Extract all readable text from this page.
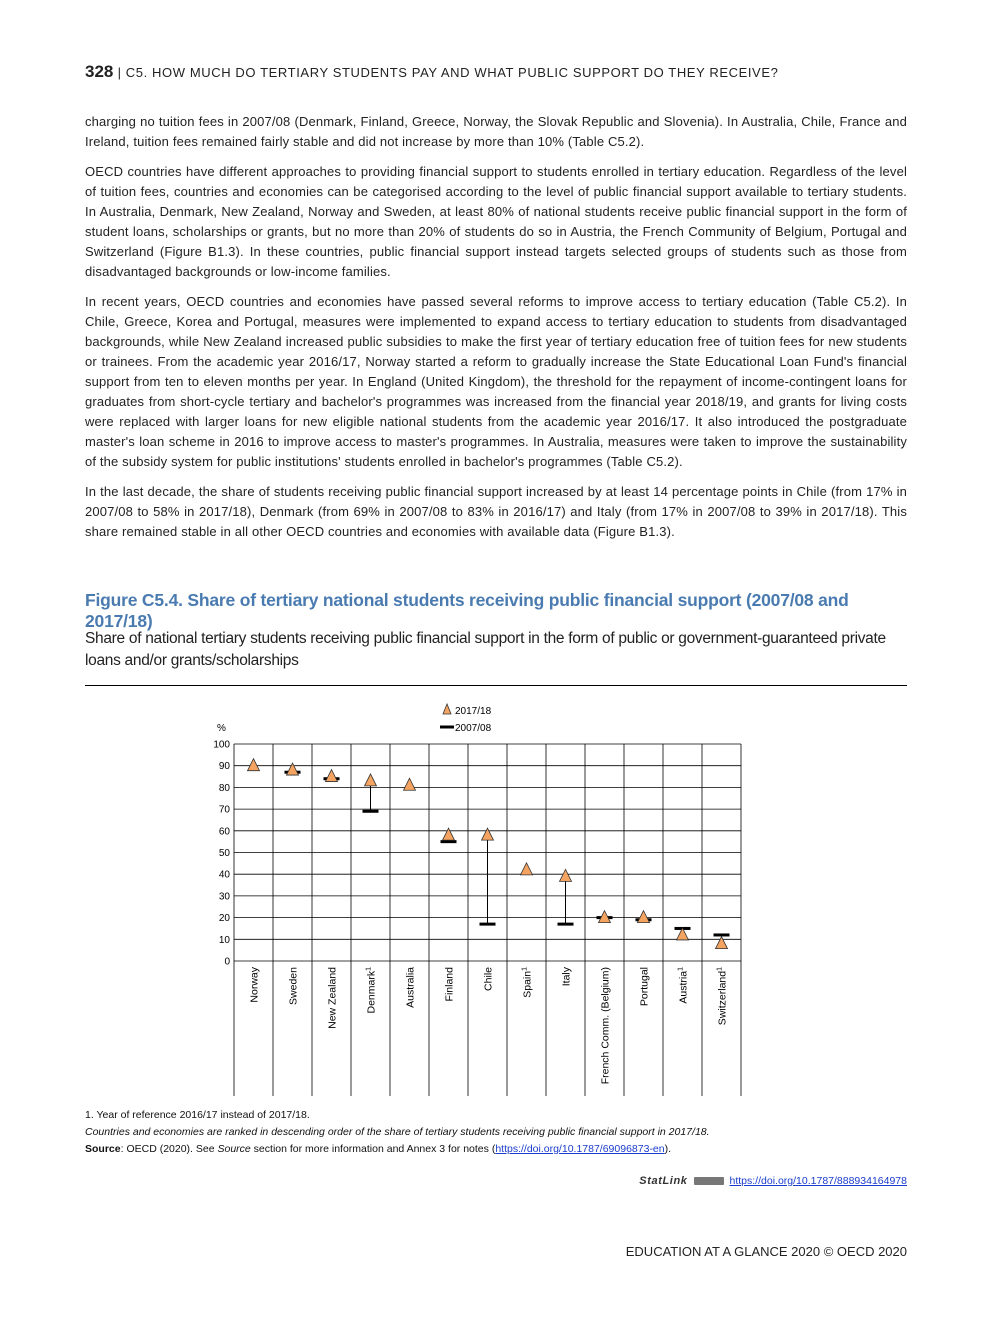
328 | C5. HOW MUCH DO TERTIARY STUDENTS PAY AND WHAT PUBLIC SUPPORT DO THEY RECEIVE?

charging no tuition fees in 2007/08 (Denmark, Finland, Greece, Norway, the Slovak Republic and Slovenia). In Australia, Chile, France and Ireland, tuition fees remained fairly stable and did not increase by more than 10% (Table C5.2).

OECD countries have different approaches to providing financial support to students enrolled in tertiary education. Regardless of the level of tuition fees, countries and economies can be categorised according to the level of public financial support available to tertiary students. In Australia, Denmark, New Zealand, Norway and Sweden, at least 80% of national students receive public financial support in the form of student loans, scholarships or grants, but no more than 20% of students do so in Austria, the French Community of Belgium, Portugal and Switzerland (Figure B1.3). In these countries, public financial support instead targets selected groups of students such as those from disadvantaged backgrounds or low-income families.

In recent years, OECD countries and economies have passed several reforms to improve access to tertiary education (Table C5.2). In Chile, Greece, Korea and Portugal, measures were implemented to expand access to tertiary education to students from disadvantaged backgrounds, while New Zealand increased public subsidies to make the first year of tertiary education free of tuition fees for new students or trainees. From the academic year 2016/17, Norway started a reform to gradually increase the State Educational Loan Fund's financial support from ten to eleven months per year. In England (United Kingdom), the threshold for the repayment of income-contingent loans for graduates from short-cycle tertiary and bachelor's programmes was increased from the financial year 2018/19, and grants for living costs were replaced with larger loans for new eligible national students from the academic year 2016/17. It also introduced the postgraduate master's loan scheme in 2016 to improve access to master's programmes. In Australia, measures were taken to improve the sustainability of the subsidy system for public institutions' students enrolled in bachelor's programmes (Table C5.2).

In the last decade, the share of students receiving public financial support increased by at least 14 percentage points in Chile (from 17% in 2007/08 to 58% in 2017/18), Denmark (from 69% in 2007/08 to 83% in 2016/17) and Italy (from 17% in 2007/08 to 39% in 2017/18). This share remained stable in all other OECD countries and economies with available data (Figure B1.3).

Figure C5.4. Share of tertiary national students receiving public financial support (2007/08 and 2017/18)
Share of national tertiary students receiving public financial support in the form of public or government-guaranteed private loans and/or grants/scholarships
2017/18
2007/08
%
0
10
20
30
40
50
60
70
80
90
100
Norway	Sweden	New Zealand	Denmark$^1$	Australia	Finland	Chile	Spain$^1$	Italy	French Comm. (Belgium)	Portugal	Austria$^1$
Switzerland$^1$
1. Year of reference 2016/17 instead of 2017/18.
Countries and economies are ranked in descending order of the share of tertiary students receiving public financial support in 2017/18.
Source: OECD (2020). See Source section for more information and Annex 3 for notes (https://doi.org/10.1787/69096873-en).
StatLink	https://doi.org/10.1787/888934164978
EDUCATION AT A GLANCE 2020 © OECD 2020
